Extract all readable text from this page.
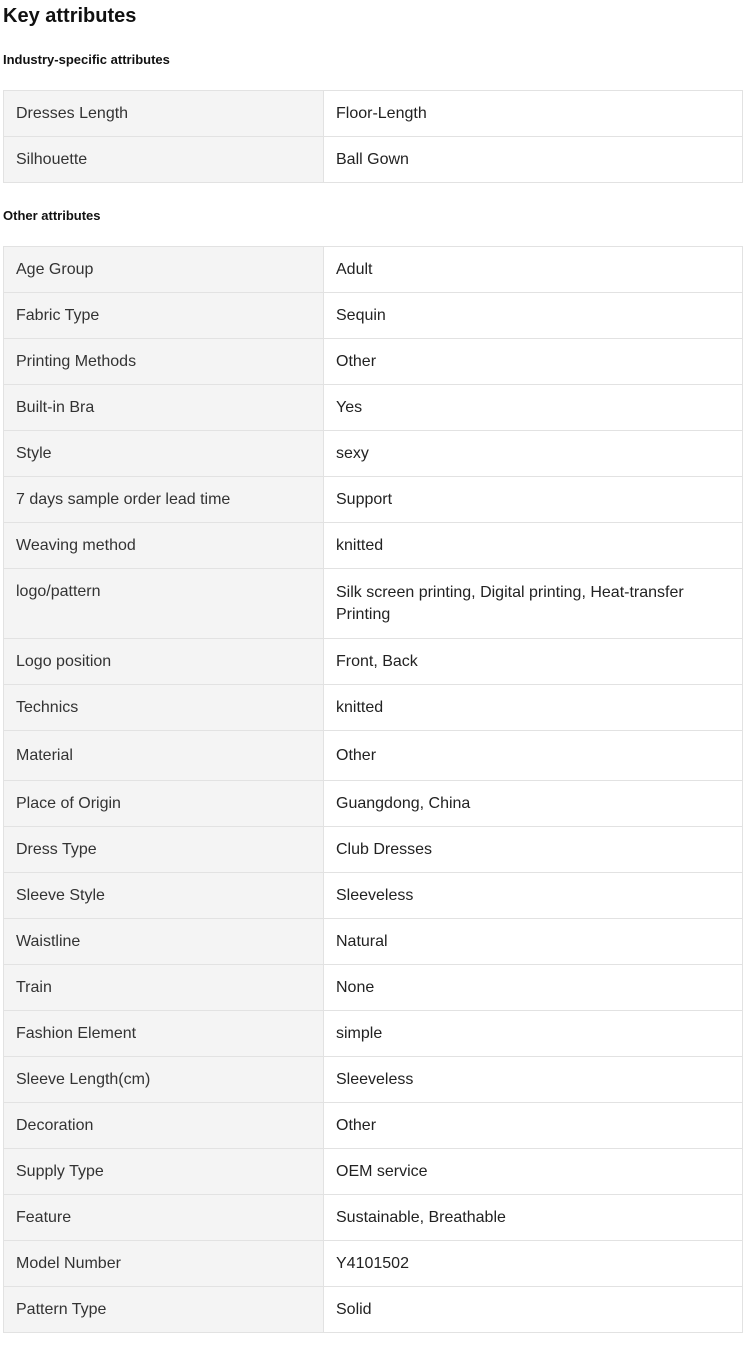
Key attributes
Industry-specific attributes
Dresses Length	Floor-Length
Silhouette	Ball Gown
Other attributes
Age Group	Adult
Fabric Type	Sequin
Printing Methods	Other
Built-in Bra	Yes
Style	sexy
7 days sample order lead time	Support
Weaving method	knitted
logo/pattern	Silk screen printing, Digital printing, Heat-transfer Printing
Logo position	Front, Back
Technics	knitted
Material	Other
Place of Origin	Guangdong, China
Dress Type	Club Dresses
Sleeve Style	Sleeveless
Waistline	Natural
Train	None
Fashion Element	simple
Sleeve Length(cm)	Sleeveless
Decoration	Other
Supply Type	OEM service
Feature	Sustainable, Breathable
Model Number	Y4101502
Pattern Type	Solid
